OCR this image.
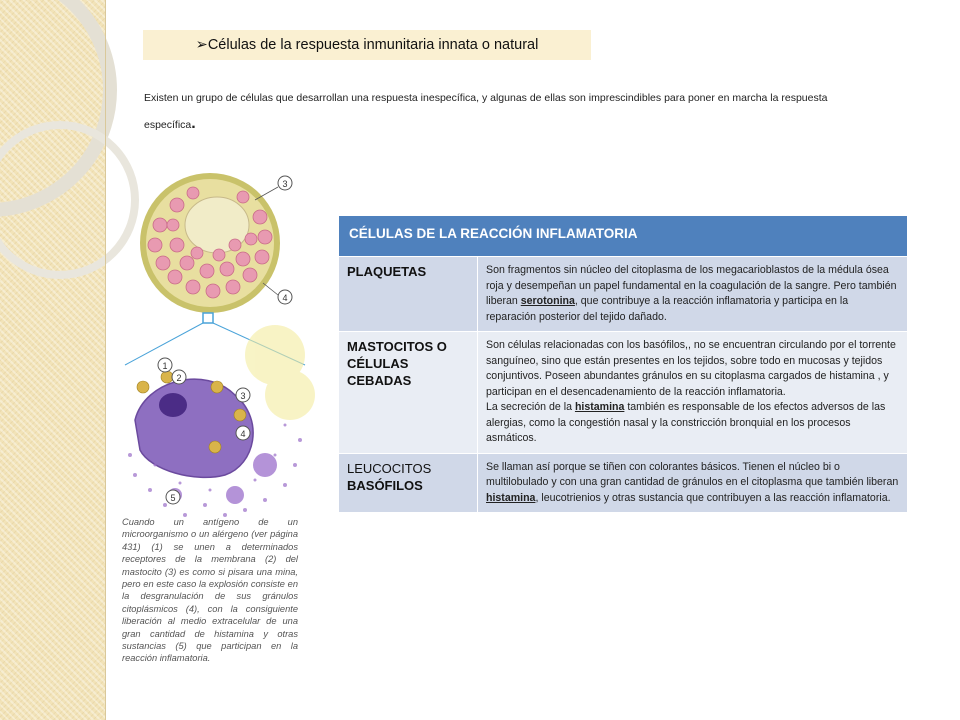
➢Células de la respuesta inmunitaria innata o natural
Existen un grupo de células que desarrollan una respuesta inespecífica, y algunas de ellas son imprescindibles para poner en marcha la respuesta específica.
3
4
1
2
3
4
5
Cuando un antígeno de un microorganismo o un alérgeno (ver página 431) (1) se unen a determinados receptores de la membrana (2) del mastocito (3) es como si pisara una mina, pero en este caso la explosión consiste en la desgranulación de sus gránulos citoplásmicos (4), con la consiguiente liberación al medio extracelular de una gran cantidad de histamina y otras sustancias (5) que participan en la reacción inflamatoria.
CÉLULAS DE LA REACCIÓN INFLAMATORIA	
PLAQUETAS	Son fragmentos sin núcleo del citoplasma de los megacarioblastos de la médula ósea roja y desempeñan un papel fundamental en la coagulación de la sangre. Pero también liberan serotonina, que contribuye a la reacción inflamatoria y participa en la reparación posterior del tejido dañado.
MASTOCITOS O CÉLULAS CEBADAS	Son células relacionadas con los basófilos,, no se encuentran circulando por el torrente sanguíneo, sino que están presentes en los tejidos, sobre todo en mucosas y tejidos conjuntivos. Poseen abundantes gránulos en su citoplasma cargados de histamina , y participan en el desencadenamiento de la reacción inflamatoria.
La secreción de la histamina también es responsable de los efectos adversos de las alergias, como la congestión nasal y la constricción bronquial en los procesos asmáticos.

LEUCOCITOS
BASÓFILOS	Se llaman así porque se tiñen con colorantes básicos. Tienen el núcleo bi o multilobulado y con una gran cantidad de gránulos en el citoplasma que también liberan histamina, leucotrienios y otras sustancia que contribuyen a las reacción inflamatoria.
